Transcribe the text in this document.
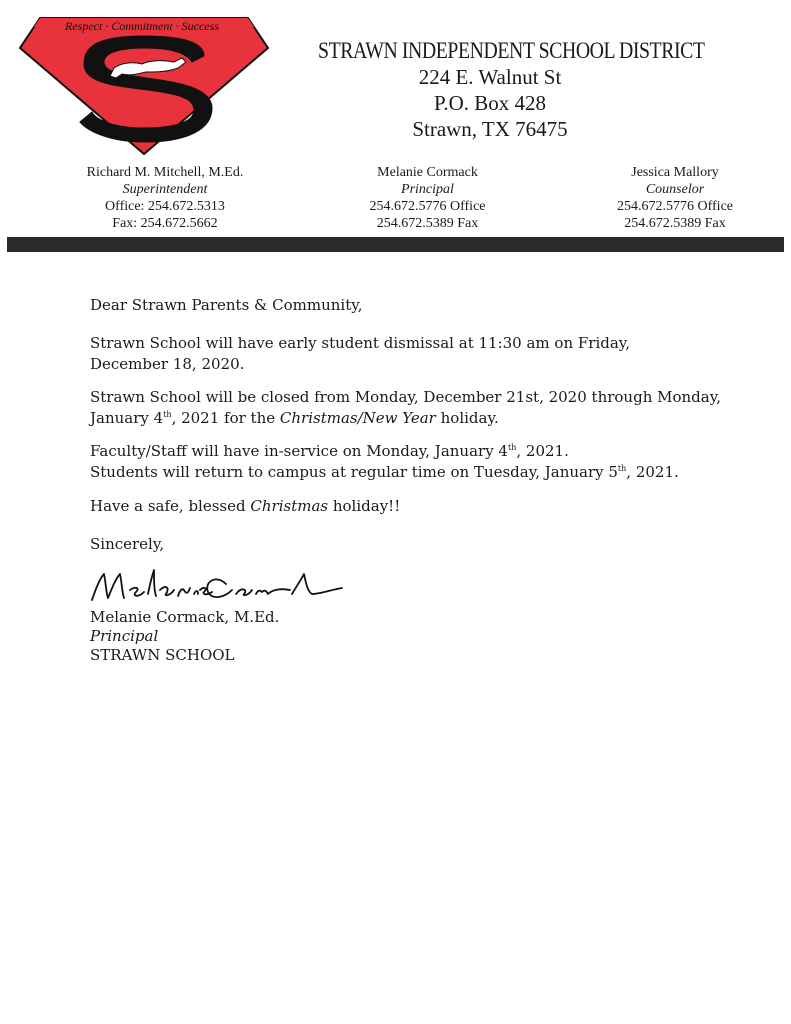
Respect · Commitment · Success
STRAWN INDEPENDENT SCHOOL DISTRICT
224 E. Walnut St
P.O. Box 428
Strawn, TX 76475
Richard M. Mitchell, M.Ed.
Superintendent
Office: 254.672.5313
Fax: 254.672.5662
Melanie Cormack
Principal
254.672.5776 Office
254.672.5389 Fax
Jessica Mallory
Counselor
254.672.5776 Office
254.672.5389 Fax

Dear Strawn Parents & Community,

Strawn School will have early student dismissal at 11:30 am on Friday, December 18, 2020.

Strawn School will be closed from Monday, December 21st, 2020 through Monday, January 4th, 2021 for the Christmas/New Year holiday.

Faculty/Staff will have in-service on Monday, January 4th, 2021.

Students will return to campus at regular time on Tuesday, January 5th, 2021.

Have a safe, blessed Christmas holiday!!

Sincerely,

Melanie Cormack, M.Ed.
Principal
STRAWN SCHOOL
